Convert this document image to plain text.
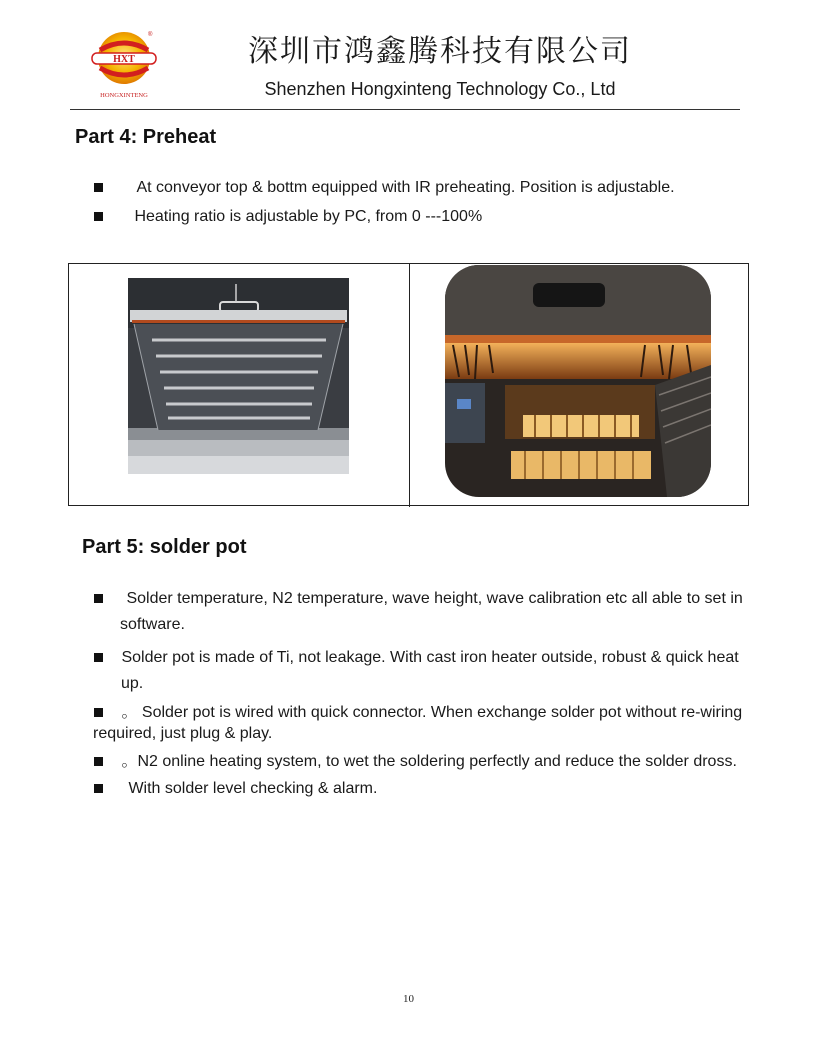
HXT
®
HONGXINTENG
深圳市鸿鑫腾科技有限公司
Shenzhen Hongxinteng Technology Co., Ltd
Part 4: Preheat
At conveyor top & bottm equipped with IR preheating. Position is adjustable.
Heating ratio is adjustable by PC, from 0 ---100%
Part 5: solder pot
Solder temperature, N2 temperature, wave height, wave calibration etc all able to set in
software.
Solder pot is made of Ti, not leakage. With cast iron heater outside, robust & quick heat
up.
。 Solder pot is wired with quick connector. When exchange solder pot without re-wiring
required, just plug & play.
。N2 online heating system, to wet the soldering perfectly and reduce the solder dross.
With solder level checking & alarm.
10
